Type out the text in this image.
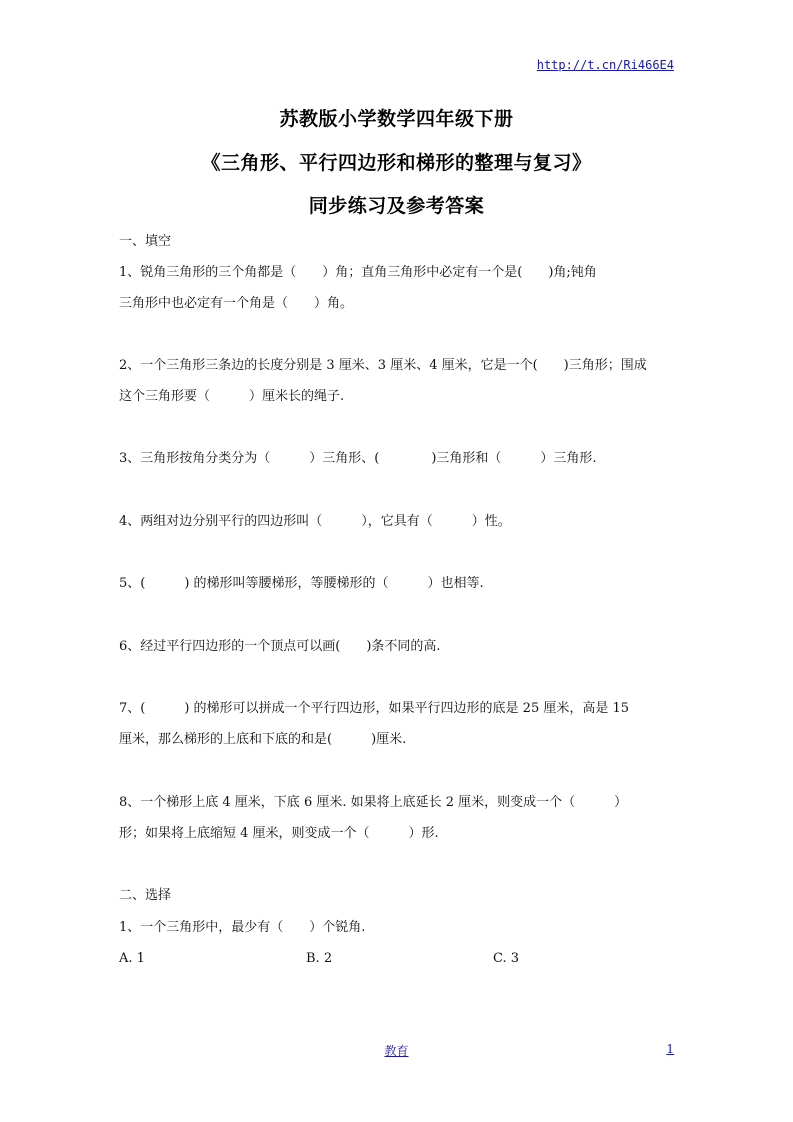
http://t.cn/Ri466E4
苏教版小学数学四年级下册
《三角形、平行四边形和梯形的整理与复习》
同步练习及参考答案
一、填空
1、锐角三角形的三个角都是（　　）角；直角三角形中必定有一个是(　　)角;钝角
三角形中也必定有一个角是（　　）角。
2、一个三角形三条边的长度分别是 3 厘米、3 厘米、4 厘米，它是一个(　　)三角形；围成
这个三角形要（　　　）厘米长的绳子.
3、三角形按角分类分为（　　　）三角形、(　　　　)三角形和（　　　）三角形.
4、两组对边分别平行的四边形叫（　　　），它具有（　　　）性。
5、(　　　) 的梯形叫等腰梯形，等腰梯形的（　　　）也相等.
6、经过平行四边形的一个顶点可以画(　　)条不同的高.
7、(　　　) 的梯形可以拼成一个平行四边形，如果平行四边形的底是 25 厘米，高是 15
厘米，那么梯形的上底和下底的和是(　　　)厘米.
8、一个梯形上底 4 厘米，下底 6 厘米. 如果将上底延长 2 厘米，则变成一个（　　　）
形；如果将上底缩短 4 厘米，则变成一个（　　　）形.
二、选择
1、一个三角形中，最少有（　　）个锐角.
A. 1	B. 2	C. 3
教育	1
